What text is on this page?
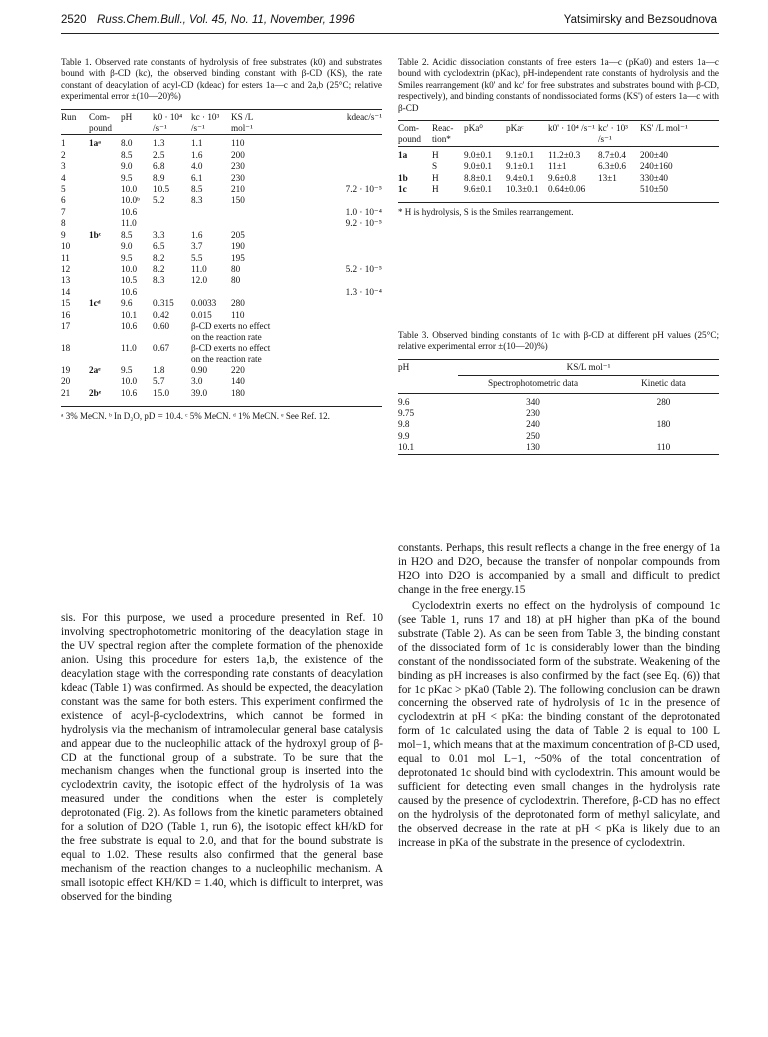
2520 Russ.Chem.Bull., Vol. 45, No. 11, November, 1996	Yatsimirsky and Bezsoudnova
Table 1. Observed rate constants of hydrolysis of free substrates (k0) and substrates bound with β-CD (kc), the observed binding constant with β-CD (KS), the rate constant of deacylation of acyl-CD (kdeac) for esters 1a—c and 2a,b (25°C; relative experimental error ±(10—20)%)
Run	Com- pound	pH	k0 · 10⁴ /s⁻¹	kc · 10³ /s⁻¹	KS /L mol⁻¹	kdeac/s⁻¹
1	1aᵃ	8.0	1.3	1.1	110	
2		8.5	2.5	1.6	200	
3		9.0	6.8	4.0	230	
4		9.5	8.9	6.1	230	
5		10.0	10.5	8.5	210	7.2 · 10⁻⁵
6		10.0ᵇ	5.2	8.3	150	
7		10.6				1.0 · 10⁻⁴
8		11.0				9.2 · 10⁻⁵
9	1bᶜ	8.5	3.3	1.6	205	
10		9.0	6.5	3.7	190	
11		9.5	8.2	5.5	195	
12		10.0	8.2	11.0	80	5.2 · 10⁻⁵
13		10.5	8.3	12.0	80	
14		10.6				1.3 · 10⁻⁴
15	1cᵈ	9.6	0.315	0.0033	280	
16		10.1	0.42	0.015	110	
17		10.6	0.60	β-CD exerts no effect on the reaction rate		
18		11.0	0.67	β-CD exerts no effect on the reaction rate		
19	2aᵉ	9.5	1.8	0.90	220	
20		10.0	5.7	3.0	140	
21	2bᵉ	10.6	15.0	39.0	180	
ᵃ 3% MeCN. ᵇ In D₂O, pD = 10.4. ᶜ 5% MeCN. ᵈ 1% MeCN. ᵉ See Ref. 12.
Table 2. Acidic dissociation constants of free esters 1a—c (pKa0) and esters 1a—c bound with cyclodextrin (pKac), pH-independent rate constants of hydrolysis and the Smiles rearrangement (k0' and kc' for free substrates and substrates bound with β-CD, respectively), and binding constants of nondissociated forms (KS') of esters 1a—c with β-CD
Com- pound	Reac- tion*	pKa⁰	pKaᶜ	k0' · 10⁴ /s⁻¹	kc' · 10³ /s⁻¹	KS' /L mol⁻¹
1a	H	9.0±0.1	9.1±0.1	11.2±0.3	8.7±0.4	200±40
	S	9.0±0.1	9.1±0.1	11±1	6.3±0.6	240±160
1b	H	8.8±0.1	9.4±0.1	9.6±0.8	13±1	330±40
1c	H	9.6±0.1	10.3±0.1	0.64±0.06		510±50
* H is hydrolysis, S is the Smiles rearrangement.
Table 3. Observed binding constants of 1c with β-CD at different pH values (25°C; relative experimental error ±(10—20)%)
pH	KS/L mol⁻¹	
	Spectrophotometric data	Kinetic data
9.6	340	280
9.75	230	
9.8	240	180
9.9	250	
10.1	130	110

sis. For this purpose, we used a procedure presented in Ref. 10 involving spectrophotometric monitoring of the deacylation stage in the UV spectral region after the complete formation of the phenoxide anion. Using this procedure for esters 1a,b, the existence of the deacylation stage with the corresponding rate constants of deacylation kdeac (Table 1) was confirmed. As should be expected, the deacylation constant was the same for both esters. This experiment confirmed the existence of acyl-β-cyclodextrins, which cannot be formed in hydrolysis via the mechanism of intramolecular general base catalysis and appear due to the nucleophilic attack of the hydroxyl group of β-CD at the functional group of a substrate. To be sure that the mechanism changes when the functional group is inserted into the cyclodextrin cavity, the isotopic effect of the hydrolysis of 1a was measured under the conditions when the ester is completely deprotonated (Fig. 2). As follows from the kinetic parameters obtained for a solution of D2O (Table 1, run 6), the isotopic effect kH/kD for the free substrate is equal to 2.0, and that for the bound substrate is equal to 1.02. These results also confirmed that the general base mechanism of the reaction changes to a nucleophilic mechanism. A small isotopic effect KH/KD = 1.40, which is difficult to interpret, was observed for the binding

constants. Perhaps, this result reflects a change in the free energy of 1a in H2O and D2O, because the transfer of nonpolar compounds from H2O into D2O is accompanied by a small and difficult to predict change in the free energy.15

Cyclodextrin exerts no effect on the hydrolysis of compound 1c (see Table 1, runs 17 and 18) at pH higher than pKa of the bound substrate (Table 2). As can be seen from Table 3, the binding constant of the dissociated form of 1c is considerably lower than the binding constant of the nondissociated form of the substrate. Weakening of the binding as pH increases is also confirmed by the fact (see Eq. (6)) that for 1c pKac > pKa0 (Table 2). The following conclusion can be drawn concerning the observed rate of hydrolysis of 1c in the presence of cyclodextrin at pH < pKa: the binding constant of the deprotonated form of 1c calculated using the data of Table 2 is equal to 100 L mol−1, which means that at the maximum concentration of β-CD used, equal to 0.01 mol L−1, ~50% of the total concentration of deprotonated 1c should bind with cyclodextrin. This amount would be sufficient for detecting even small changes in the hydrolysis rate caused by the presence of cyclodextrin. Therefore, β-CD has no effect on the hydrolysis of the deprotonated form of methyl salicylate, and the observed decrease in the rate at pH < pKa is likely due to an increase in pKa of the substrate in the presence of cyclodextrin.
